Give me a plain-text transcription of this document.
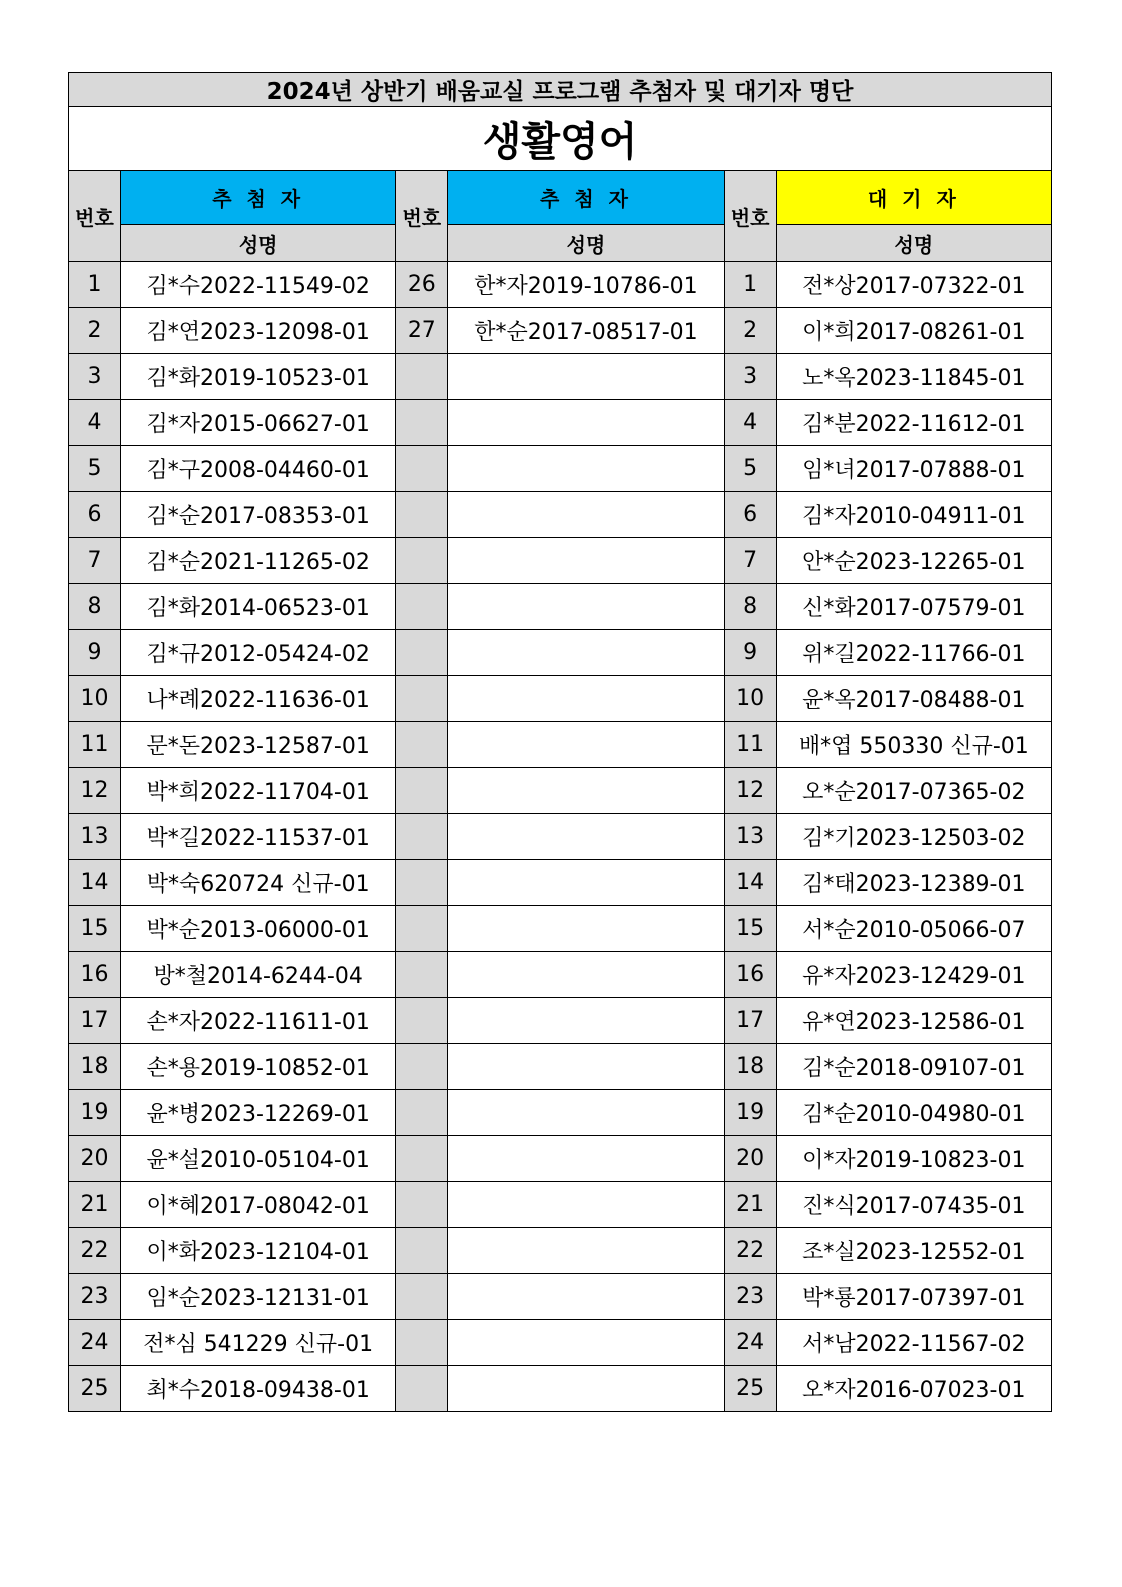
2024년 상반기 배움교실 프로그램 추첨자 및 대기자 명단					
생활영어					
번호	추 첨 자	번호	추 첨 자	번호	대 기 자
	성명		성명		성명
1	김*수2022-11549-02	26	한*자2019-10786-01	1	전*상2017-07322-01
2	김*연2023-12098-01	27	한*순2017-08517-01	2	이*희2017-08261-01
3	김*화2019-10523-01			3	노*옥2023-11845-01
4	김*자2015-06627-01			4	김*분2022-11612-01
5	김*구2008-04460-01			5	임*녀2017-07888-01
6	김*순2017-08353-01			6	김*자2010-04911-01
7	김*순2021-11265-02			7	안*순2023-12265-01
8	김*화2014-06523-01			8	신*화2017-07579-01
9	김*규2012-05424-02			9	위*길2022-11766-01
10	나*례2022-11636-01			10	윤*옥2017-08488-01
11	문*돈2023-12587-01			11	배*엽 550330 신규-01
12	박*희2022-11704-01			12	오*순2017-07365-02
13	박*길2022-11537-01			13	김*기2023-12503-02
14	박*숙620724 신규-01			14	김*태2023-12389-01
15	박*순2013-06000-01			15	서*순2010-05066-07
16	방*철2014-6244-04			16	유*자2023-12429-01
17	손*자2022-11611-01			17	유*연2023-12586-01
18	손*용2019-10852-01			18	김*순2018-09107-01
19	윤*병2023-12269-01			19	김*순2010-04980-01
20	윤*설2010-05104-01			20	이*자2019-10823-01
21	이*혜2017-08042-01			21	진*식2017-07435-01
22	이*화2023-12104-01			22	조*실2023-12552-01
23	임*순2023-12131-01			23	박*룡2017-07397-01
24	전*심 541229 신규-01			24	서*남2022-11567-02
25	최*수2018-09438-01			25	오*자2016-07023-01
